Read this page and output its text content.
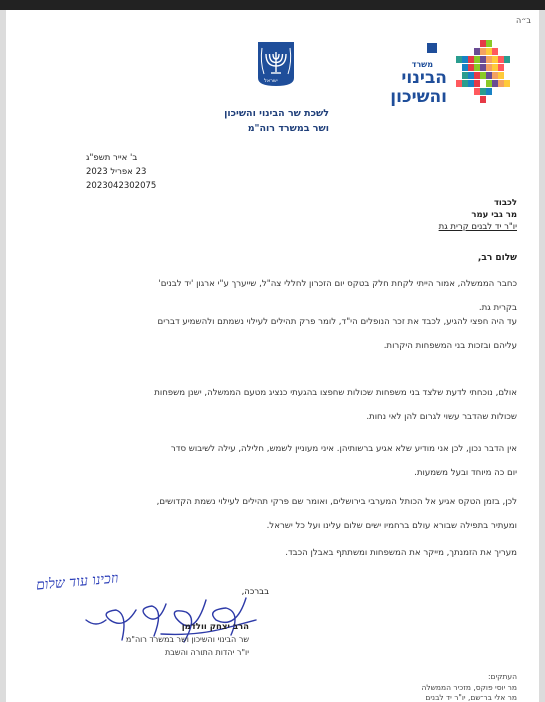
ב״ה
ישראל
משרד
הבינוי
והשיכון
לשכת שר הבינוי והשיכון
ושר במשרד רוה"מ
ב' אייר תשפ"ג
23 אפריל 2023
2023042302075
לכבוד
מר גבי עמר
יו"ר יד לבנים קרית גת
שלום רב,
כחבר הממשלה, אמור הייתי לקחת חלק בטקס יום הזכרון לחללי צה"ל, שייערך ע"י ארגון 'יד לבנים'
בקרית גת.
עד היה חפצי להגיע, לכבד את זכר הנופלים הי"ד, לומר פרק תהילים לעילוי נשמתם ולהשמיע דברים
עליהם ובזכות בני המשפחות היקרות.
אולם, נוכחתי לדעת שלצד בני משפחות שכולות שחפצו בהגעתי כנציג מטעם הממשלה, ישנן משפחות
שכולות שהדבר עשוי לגרום להן לאי נחות.
אין הדבר נכון, לכן אני מודיע שלא אגיע ברשותיהן. איני מעוניין לשמש, חלילה, עילה לשיבוש סדר
יום כה מיוחד ובעל משמעות.
לכן, בזמן הטקס אגיע אל הכותל המערבי בירושלים, ואומר שם פרקי תהילים לעילוי נשמת הקדושים,
ומעתיר בתפילה שבורא עולם ברחמיו ישים שלום עלינו ועל כל ישראל.
מעריך את הזמנתך, מייקר את המשפחות ומשתתף באבלן הכבד.
בברכה,
וזכינו עוד שלום
הרב יצחק וולדמן
שר הבינוי והשיכון ושר במשרד רוה"מ
יו"ר יהדות התורה והשבת
העתקים:
מר יוסי פוקס, מזכיר הממשלה
מר אלי בר־שם, יו"ר יד לבנים
